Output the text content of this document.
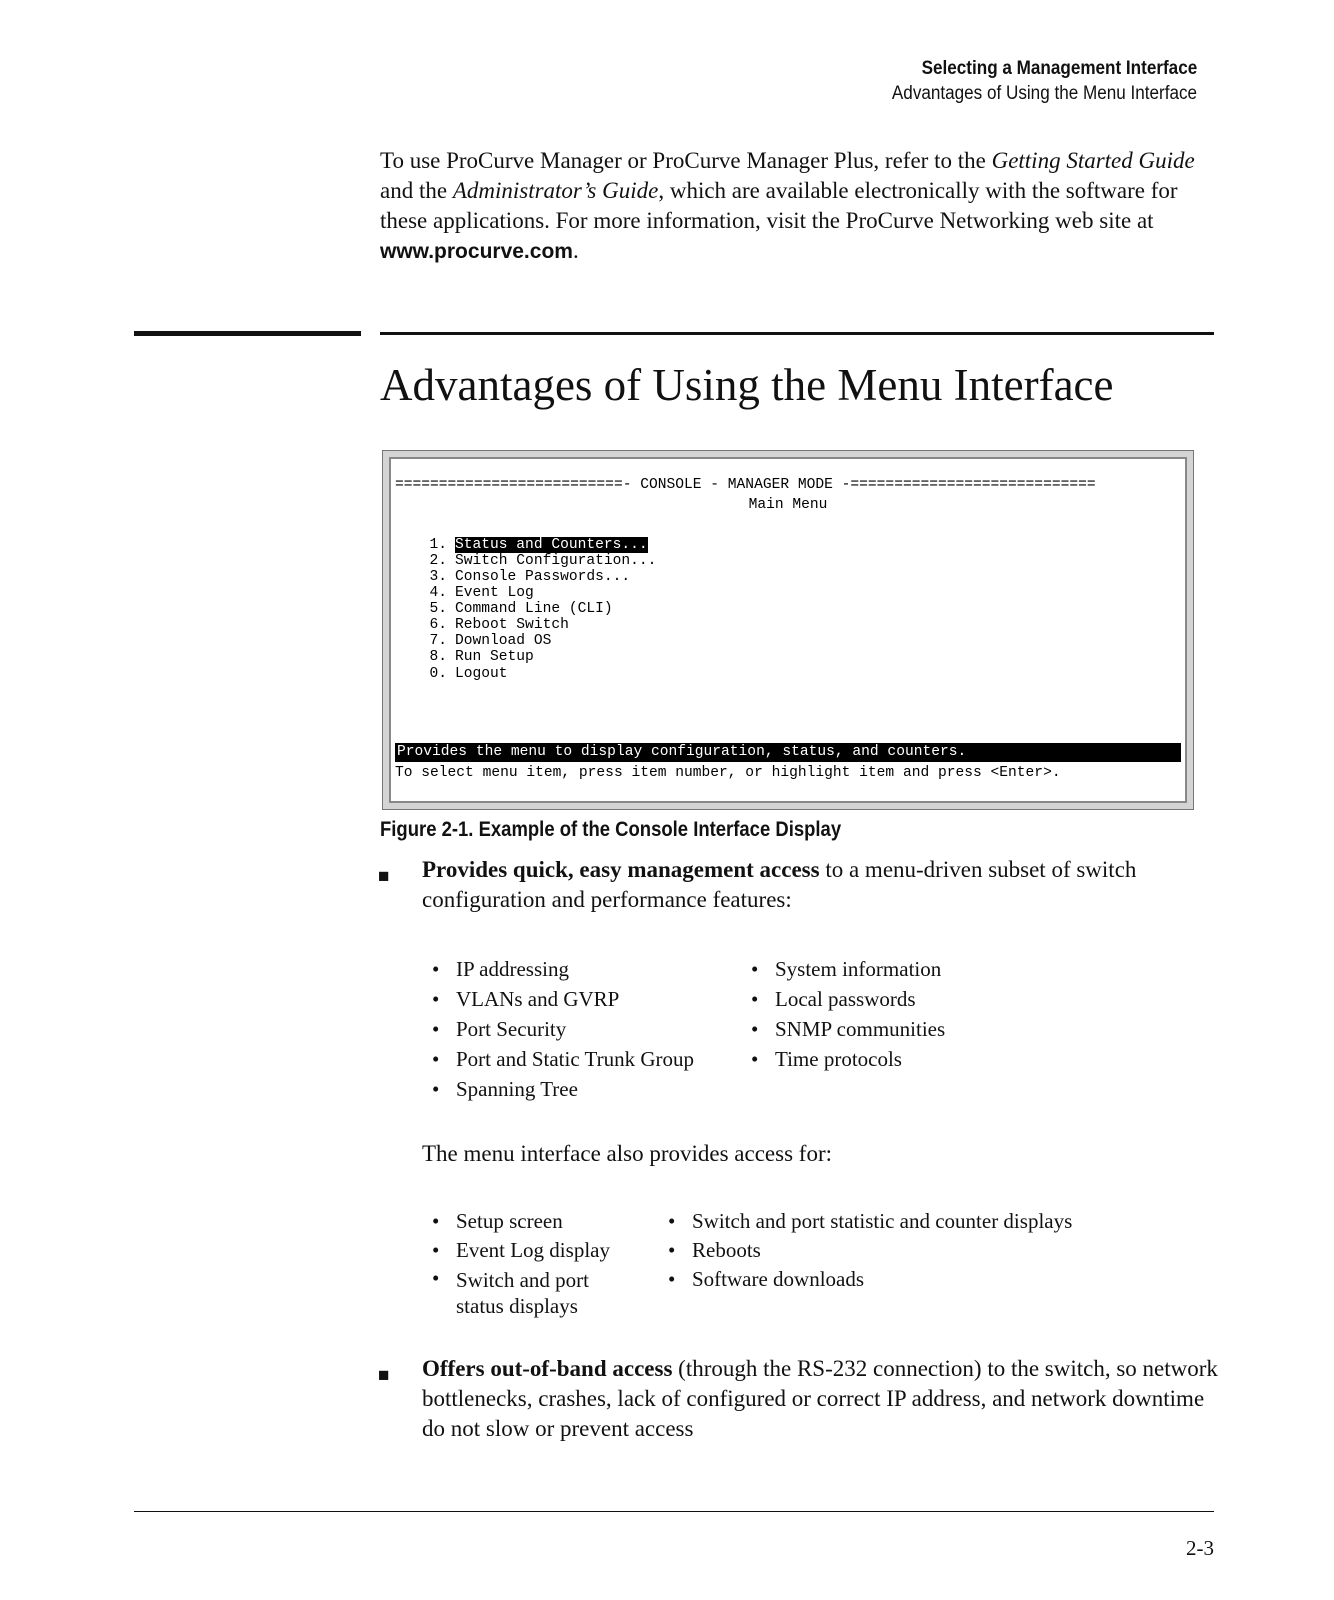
Selecting a Management Interface
Advantages of Using the Menu Interface
To use ProCurve Manager or ProCurve Manager Plus, refer to the Getting Started Guide and the Administrator’s Guide, which are available electronically with the software for these applications. For more information, visit the ProCurve Networking web site at www.procurve.com.
Advantages of Using the Menu Interface
==========================- CONSOLE - MANAGER MODE -============================
Main Menu
1. Status and Counters...
2. Switch Configuration...
3. Console Passwords...
4. Event Log
5. Command Line (CLI)
6. Reboot Switch
7. Download OS
8. Run Setup
0. Logout
Provides the menu to display configuration, status, and counters.
To select menu item, press item number, or highlight item and press <Enter>.
Figure 2-1. Example of the Console Interface Display
■ Provides quick, easy management access to a menu-driven subset of switch configuration and performance features:
• IP addressing
• VLANs and GVRP
• Port Security
• Port and Static Trunk Group
• Spanning Tree
• System information
• Local passwords
• SNMP communities
• Time protocols
The menu interface also provides access for:
• Setup screen
• Event Log display
• Switch and port status displays
• Switch and port statistic and counter displays
• Reboots
• Software downloads
■ Offers out-of-band access (through the RS-232 connection) to the switch, so network bottlenecks, crashes, lack of configured or correct IP address, and network downtime do not slow or prevent access
2-3
